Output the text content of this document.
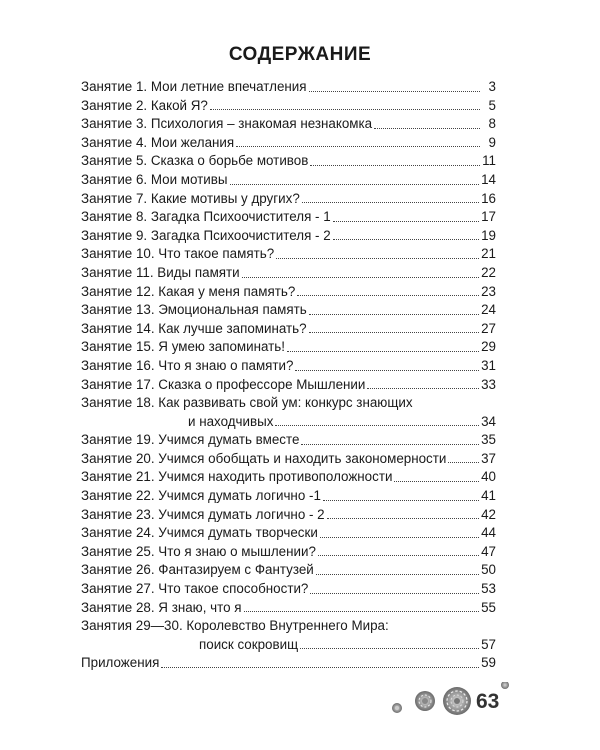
СОДЕРЖАНИЕ
Занятие 1. Мои летние впечатления	3
Занятие 2. Какой Я?	5
Занятие 3. Психология – знакомая незнакомка	8
Занятие 4. Мои желания	9
Занятие 5. Сказка о борьбе мотивов	11
Занятие 6. Мои мотивы	14
Занятие 7. Какие мотивы у других?	16
Занятие 8. Загадка Психоочистителя - 1	17
Занятие 9. Загадка Психоочистителя - 2	19
Занятие 10. Что такое память?	21
Занятие 11. Виды памяти	22
Занятие 12. Какая у меня память?	23
Занятие 13. Эмоциональная память	24
Занятие 14. Как лучше запоминать?	27
Занятие 15. Я умею запоминать!	29
Занятие 16. Что я знаю о памяти?	31
Занятие 17. Сказка о профессоре Мышлении	33
Занятие 18. Как развивать свой ум: конкурс знающих
и находчивых	34
Занятие 19. Учимся думать вместе	35
Занятие 20. Учимся обобщать и находить закономерности	37
Занятие 21. Учимся находить противоположности	40
Занятие 22. Учимся думать логично -1	41
Занятие 23. Учимся думать логично - 2	42
Занятие 24. Учимся думать творчески	44
Занятие 25. Что я знаю о мышлении?	47
Занятие 26. Фантазируем с Фантузей	50
Занятие 27. Что такое способности?	53
Занятие 28. Я знаю, что я	55
Занятия 29—30. Королевство Внутреннего Мира:
поиск сокровищ	57
Приложения	59
63
